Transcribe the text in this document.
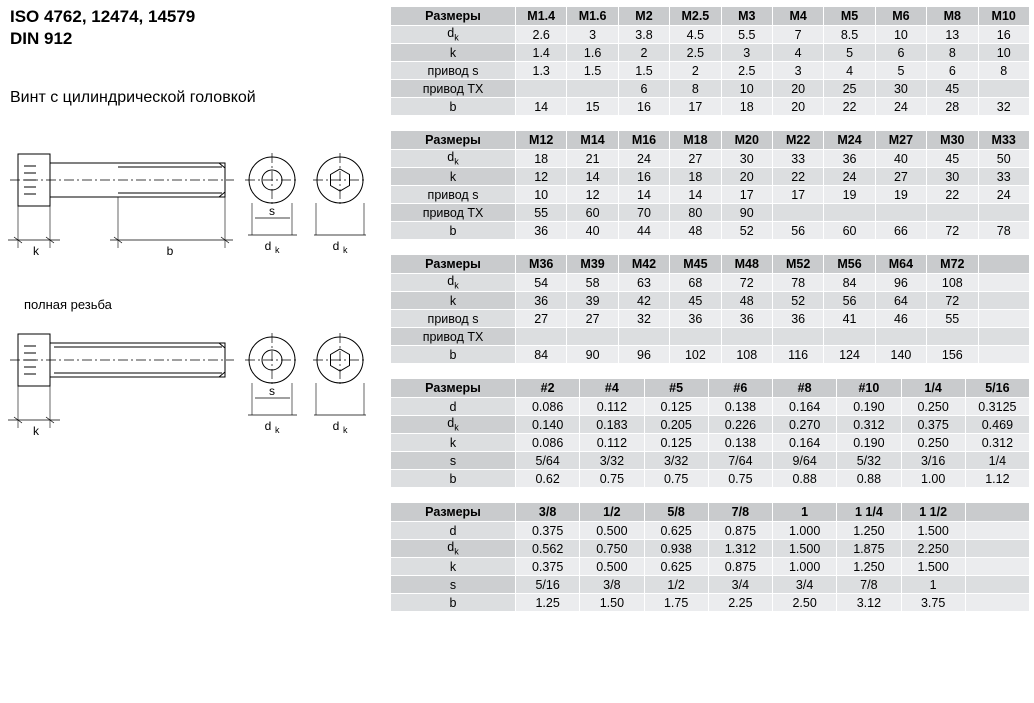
ISO 4762, 12474, 14579
DIN 912
Винт с цилиндрической головкой
полная резьба
k	b
s
d k	d k
k
s
d k	d k
Размеры	M1.4	M1.6	M2	M2.5	M3	M4	M5	M6	M8	M10
$d_k$	2.6	3	3.8	4.5	5.5	7	8.5	10	13	16
k	1.4	1.6	2	2.5	3	4	5	6	8	10
привод s	1.3	1.5	1.5	2	2.5	3	4	5	6	8
привод TX			6	8	10	20	25	30	45	
b	14	15	16	17	18	20	22	24	28	32
Размеры	M12	M14	M16	M18	M20	M22	M24	M27	M30	M33
$d_k$	18	21	24	27	30	33	36	40	45	50
k	12	14	16	18	20	22	24	27	30	33
привод s	10	12	14	14	17	17	19	19	22	24
привод TX	55	60	70	80	90					
b	36	40	44	48	52	56	60	66	72	78
Размеры	M36	M39	M42	M45	M48	M52	M56	M64	M72	
$d_k$	54	58	63	68	72	78	84	96	108	
k	36	39	42	45	48	52	56	64	72	
привод s	27	27	32	36	36	36	41	46	55	
привод TX										
b	84	90	96	102	108	116	124	140	156	
Размеры	#2	#4	#5	#6	#8	#10	1/4	5/16
d	0.086	0.112	0.125	0.138	0.164	0.190	0.250	0.3125
$d_k$	0.140	0.183	0.205	0.226	0.270	0.312	0.375	0.469
k	0.086	0.112	0.125	0.138	0.164	0.190	0.250	0.312
s	5/64	3/32	3/32	7/64	9/64	5/32	3/16	1/4
b	0.62	0.75	0.75	0.75	0.88	0.88	1.00	1.12
Размеры	3/8	1/2	5/8	7/8	1	1 1/4	1 1/2	
d	0.375	0.500	0.625	0.875	1.000	1.250	1.500	
$d_k$	0.562	0.750	0.938	1.312	1.500	1.875	2.250	
k	0.375	0.500	0.625	0.875	1.000	1.250	1.500	
s	5/16	3/8	1/2	3/4	3/4	7/8	1	
b	1.25	1.50	1.75	2.25	2.50	3.12	3.75	
